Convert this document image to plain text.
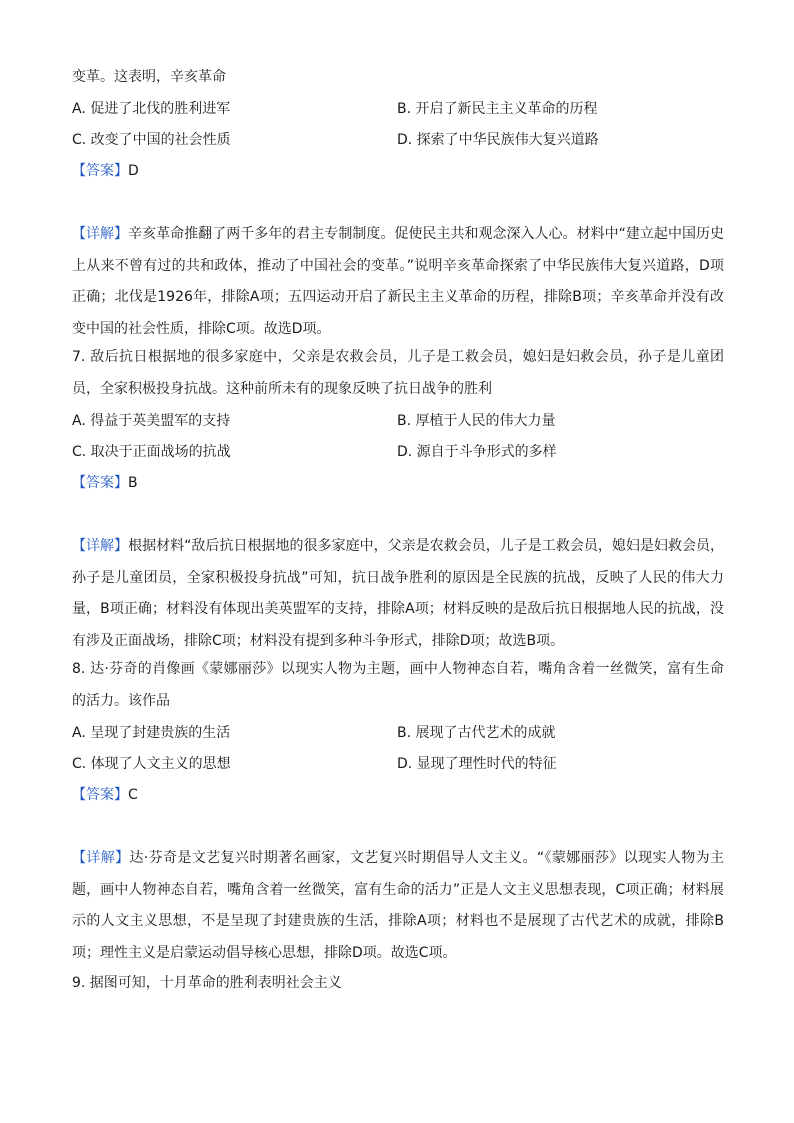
变革。这表明，辛亥革命
A. 促进了北伐的胜利进军	B. 开启了新民主主义革命的历程
C. 改变了中国的社会性质	D. 探索了中华民族伟大复兴道路
【答案】D
【详解】辛亥革命推翻了两千多年的君主专制制度。促使民主共和观念深入人心。材料中“建立起中国历史上从来不曾有过的共和政体，推动了中国社会的变革。”说明辛亥革命探索了中华民族伟大复兴道路，D项正确；北伐是1926年，排除A项；五四运动开启了新民主主义革命的历程，排除B项；辛亥革命并没有改变中国的社会性质，排除C项。故选D项。
7. 敌后抗日根据地的很多家庭中，父亲是农救会员，儿子是工救会员，媳妇是妇救会员，孙子是儿童团员，全家积极投身抗战。这种前所未有的现象反映了抗日战争的胜利
A. 得益于英美盟军的支持	B. 厚植于人民的伟大力量
C. 取决于正面战场的抗战	D. 源自于斗争形式的多样
【答案】B
【详解】根据材料“敌后抗日根据地的很多家庭中，父亲是农救会员，儿子是工救会员，媳妇是妇救会员，孙子是儿童团员，全家积极投身抗战”可知，抗日战争胜利的原因是全民族的抗战，反映了人民的伟大力量，B项正确；材料没有体现出美英盟军的支持，排除A项；材料反映的是敌后抗日根据地人民的抗战，没有涉及正面战场，排除C项；材料没有提到多种斗争形式，排除D项；故选B项。
8. 达·芬奇的肖像画《蒙娜丽莎》以现实人物为主题，画中人物神态自若，嘴角含着一丝微笑，富有生命的活力。该作品
A. 呈现了封建贵族的生活	B. 展现了古代艺术的成就
C. 体现了人文主义的思想	D. 显现了理性时代的特征
【答案】C
【详解】达·芬奇是文艺复兴时期著名画家，文艺复兴时期倡导人文主义。“《蒙娜丽莎》以现实人物为主题，画中人物神态自若，嘴角含着一丝微笑，富有生命的活力”正是人文主义思想表现，C项正确；材料展示的人文主义思想，不是呈现了封建贵族的生活，排除A项；材料也不是展现了古代艺术的成就，排除B项；理性主义是启蒙运动倡导核心思想，排除D项。故选C项。
9. 据图可知，十月革命的胜利表明社会主义
